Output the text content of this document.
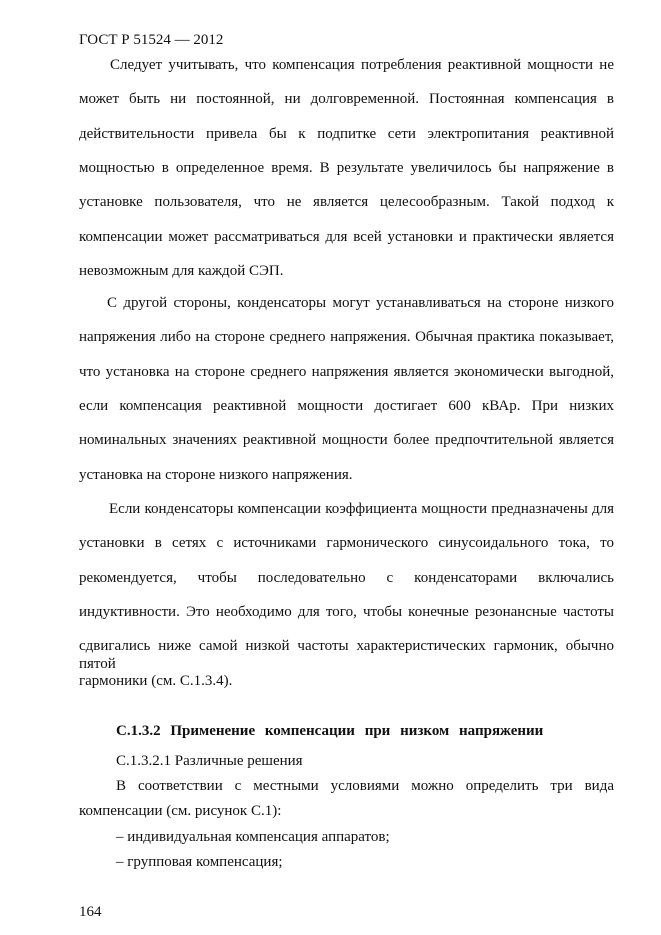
ГОСТ Р 51524 — 2012
Следует учитывать, что компенсация потребления реактивной мощности не
может быть ни постоянной, ни долговременной. Постоянная компенсация в
действительности привела бы к подпитке сети электропитания реактивной
мощностью в определенное время. В результате увеличилось бы напряжение в
установке пользователя, что не является целесообразным. Такой подход к
компенсации может рассматриваться для всей установки и практически является
невозможным для каждой СЭП.
С другой стороны, конденсаторы могут устанавливаться на стороне низкого
напряжения либо на стороне среднего напряжения. Обычная практика показывает,
что установка на стороне среднего напряжения является экономически выгодной,
если компенсация реактивной мощности достигает 600 кВАр. При низких
номинальных значениях реактивной мощности более предпочтительной является
установка на стороне низкого напряжения.
Если конденсаторы компенсации коэффициента мощности предназначены для
установки в сетях с источниками гармонического синусоидального тока, то
рекомендуется, чтобы последовательно с конденсаторами включались
индуктивности. Это необходимо для того, чтобы конечные резонансные частоты
сдвигались ниже самой низкой частоты характеристических гармоник, обычно пятой
гармоники (см. С.1.3.4).
С.1.3.2 Применение компенсации при низком напряжении
С.1.3.2.1 Различные решения
В соответствии с местными условиями можно определить три вида
компенсации (см. рисунок С.1):
– индивидуальная компенсация аппаратов;
– групповая компенсация;
164
